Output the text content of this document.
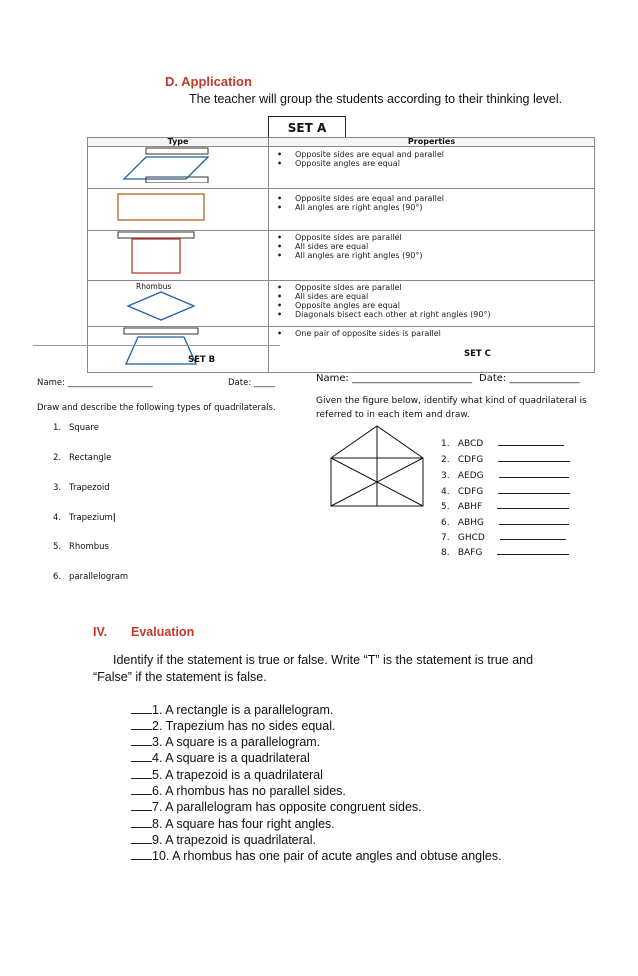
D. Application
The teacher will group the students according to their thinking level.
SET A
Type	Properties

• Opposite sides are equal and parallel
• Opposite angles are equal

• Opposite sides are equal and parallel
• All angles are right angles (90°)

• Opposite sides are parallel
• All sides are equal
• All angles are right angles (90°)

Rhombus	• Opposite sides are parallel
• All sides are equal
• Opposite angles are equal
• Diagonals bisect each other at right angles (90°)

• One pair of opposite sides is parallel
SET B
Name: ____________________	Date: _____
Draw and describe the following types of quadrilaterals.
1. Square
2. Rectangle
3. Trapezoid
4. Trapezium|
5. Rhombus
6. parallelogram
SET C
Name: ________________________ Date: ______________
Given the figure below, identify what kind of quadrilateral is referred to in each item and draw.
1. ABCD
2. CDFG
3. AEDG
4. CDFG
5. ABHF
6. ABHG
7. GHCD
8. BAFG
IV. Evaluation
Identify if the statement is true or false. Write “T” is the statement is true and “False” if the statement is false.
1. A rectangle is a parallelogram.
2. Trapezium has no sides equal.
3. A square is a parallelogram.
4. A square is a quadrilateral
5. A trapezoid is a quadrilateral
6. A rhombus has no parallel sides.
7. A parallelogram has opposite congruent sides.
8. A square has four right angles.
9. A trapezoid is quadrilateral.
10. A rhombus has one pair of acute angles and obtuse angles.
